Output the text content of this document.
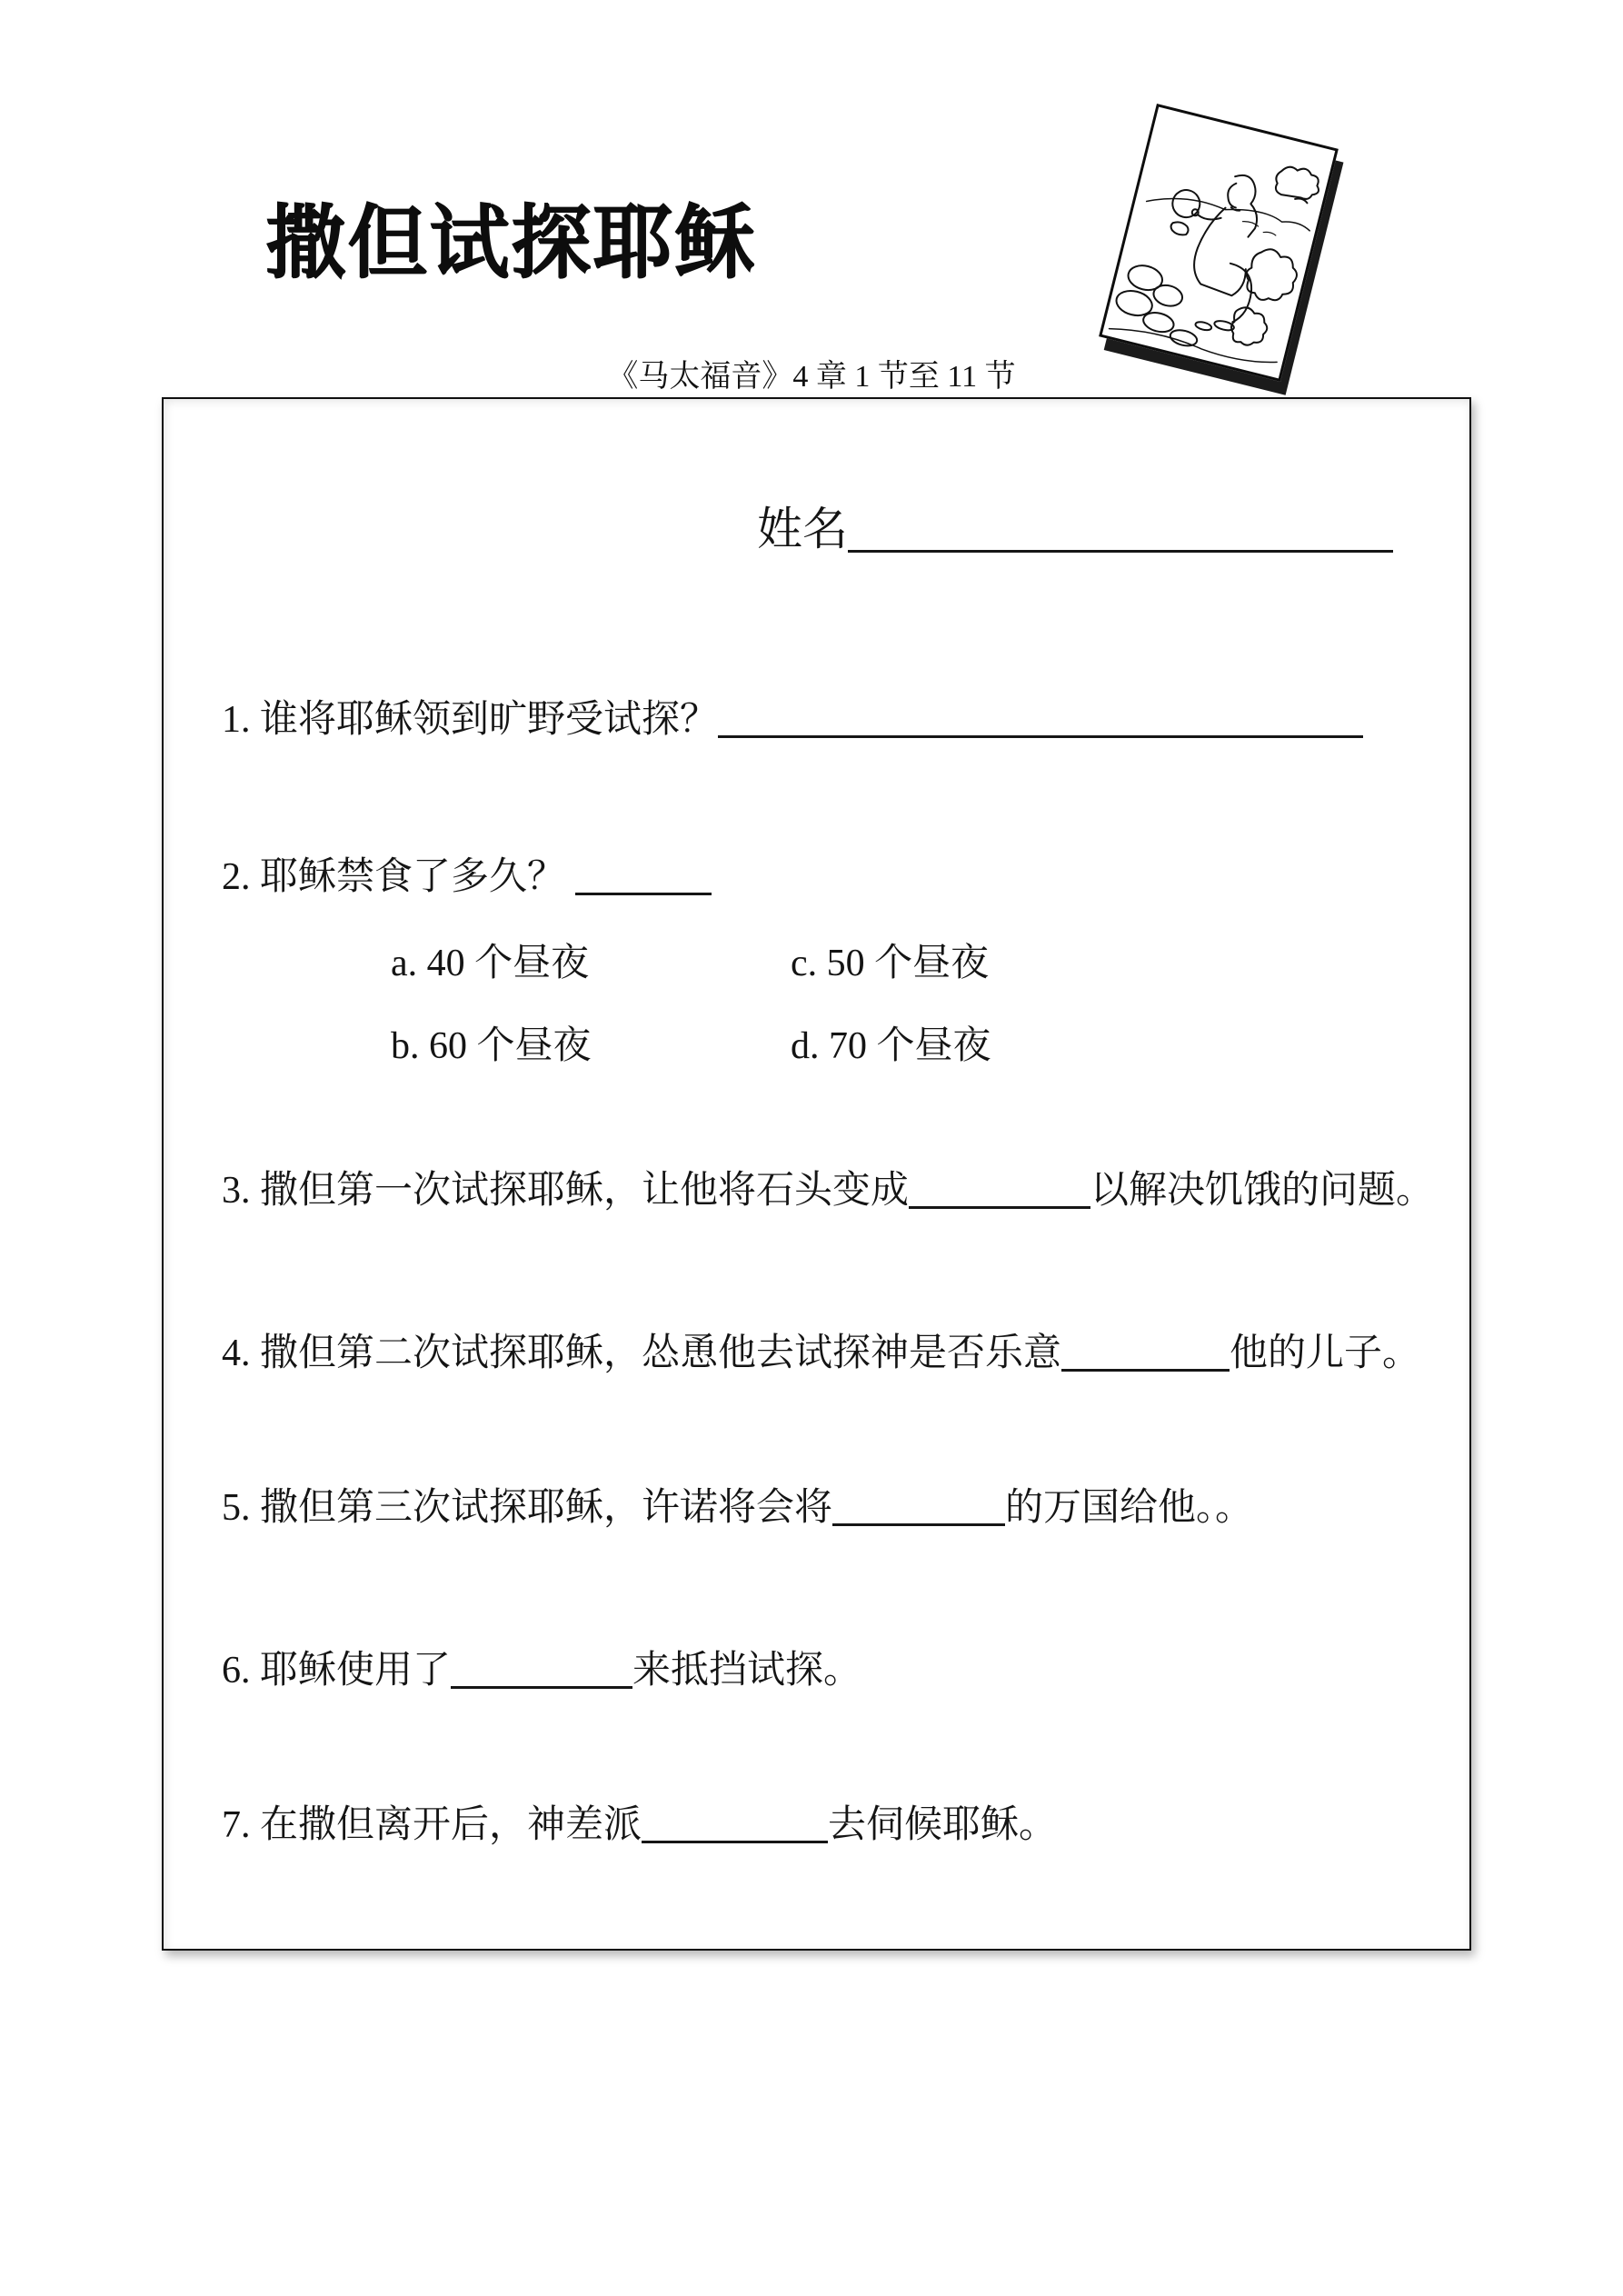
撒但试探耶稣
《马太福音》4 章 1 节至 11 节
姓名
1. 谁将耶稣领到旷野受试探？
2. 耶稣禁食了多久？
a. 40 个昼夜	c. 50 个昼夜
b. 60 个昼夜	d. 70 个昼夜
3. 撒但第一次试探耶稣，让他将石头变成	以解决饥饿的问题。
4. 撒但第二次试探耶稣，怂恿他去试探神是否乐意	他的儿子。
5. 撒但第三次试探耶稣，许诺将会将	的万国给他。。
6. 耶稣使用了	来抵挡试探。
7. 在撒但离开后，神差派	去伺候耶稣。
